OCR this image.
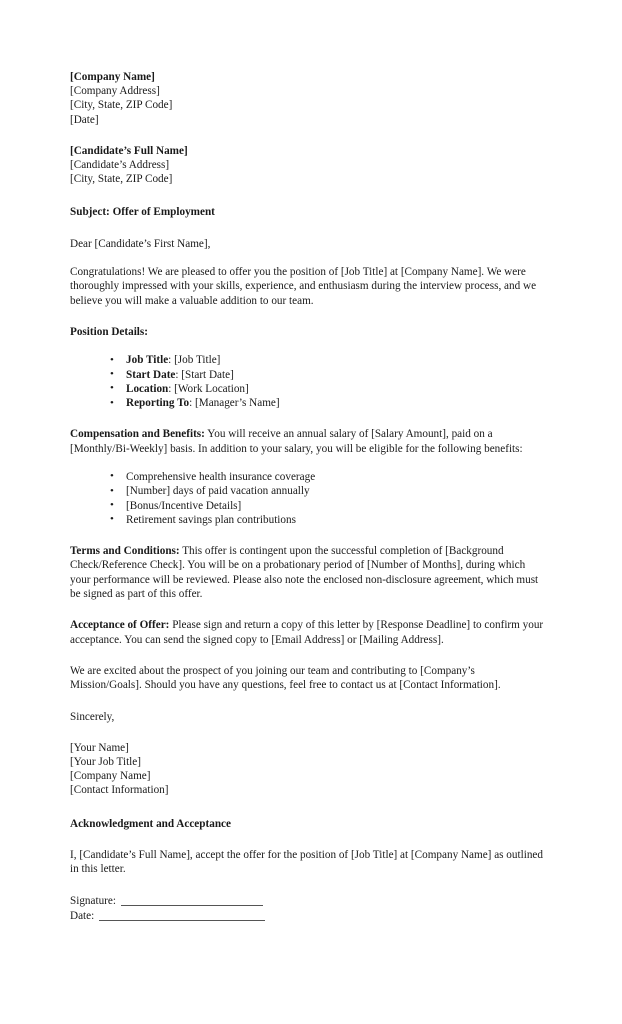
[Company Name]
[Company Address]
[City, State, ZIP Code]
[Date]
[Candidate’s Full Name]
[Candidate’s Address]
[City, State, ZIP Code]
Subject: Offer of Employment
Dear [Candidate’s First Name],
Congratulations! We are pleased to offer you the position of [Job Title] at [Company Name]. We were thoroughly impressed with your skills, experience, and enthusiasm during the interview process, and we believe you will make a valuable addition to our team.
Position Details:
• Job Title: [Job Title]
• Start Date: [Start Date]
• Location: [Work Location]
• Reporting To: [Manager’s Name]
Compensation and Benefits: You will receive an annual salary of [Salary Amount], paid on a [Monthly/Bi-Weekly] basis. In addition to your salary, you will be eligible for the following benefits:
• Comprehensive health insurance coverage
• [Number] days of paid vacation annually
• [Bonus/Incentive Details]
• Retirement savings plan contributions
Terms and Conditions: This offer is contingent upon the successful completion of [Background Check/Reference Check]. You will be on a probationary period of [Number of Months], during which your performance will be reviewed. Please also note the enclosed non-disclosure agreement, which must be signed as part of this offer.
Acceptance of Offer: Please sign and return a copy of this letter by [Response Deadline] to confirm your acceptance. You can send the signed copy to [Email Address] or [Mailing Address].
We are excited about the prospect of you joining our team and contributing to [Company’s Mission/Goals]. Should you have any questions, feel free to contact us at [Contact Information].
Sincerely,
[Your Name]
[Your Job Title]
[Company Name]
[Contact Information]
Acknowledgment and Acceptance
I, [Candidate’s Full Name], accept the offer for the position of [Job Title] at [Company Name] as outlined in this letter.
Signature:
Date:
